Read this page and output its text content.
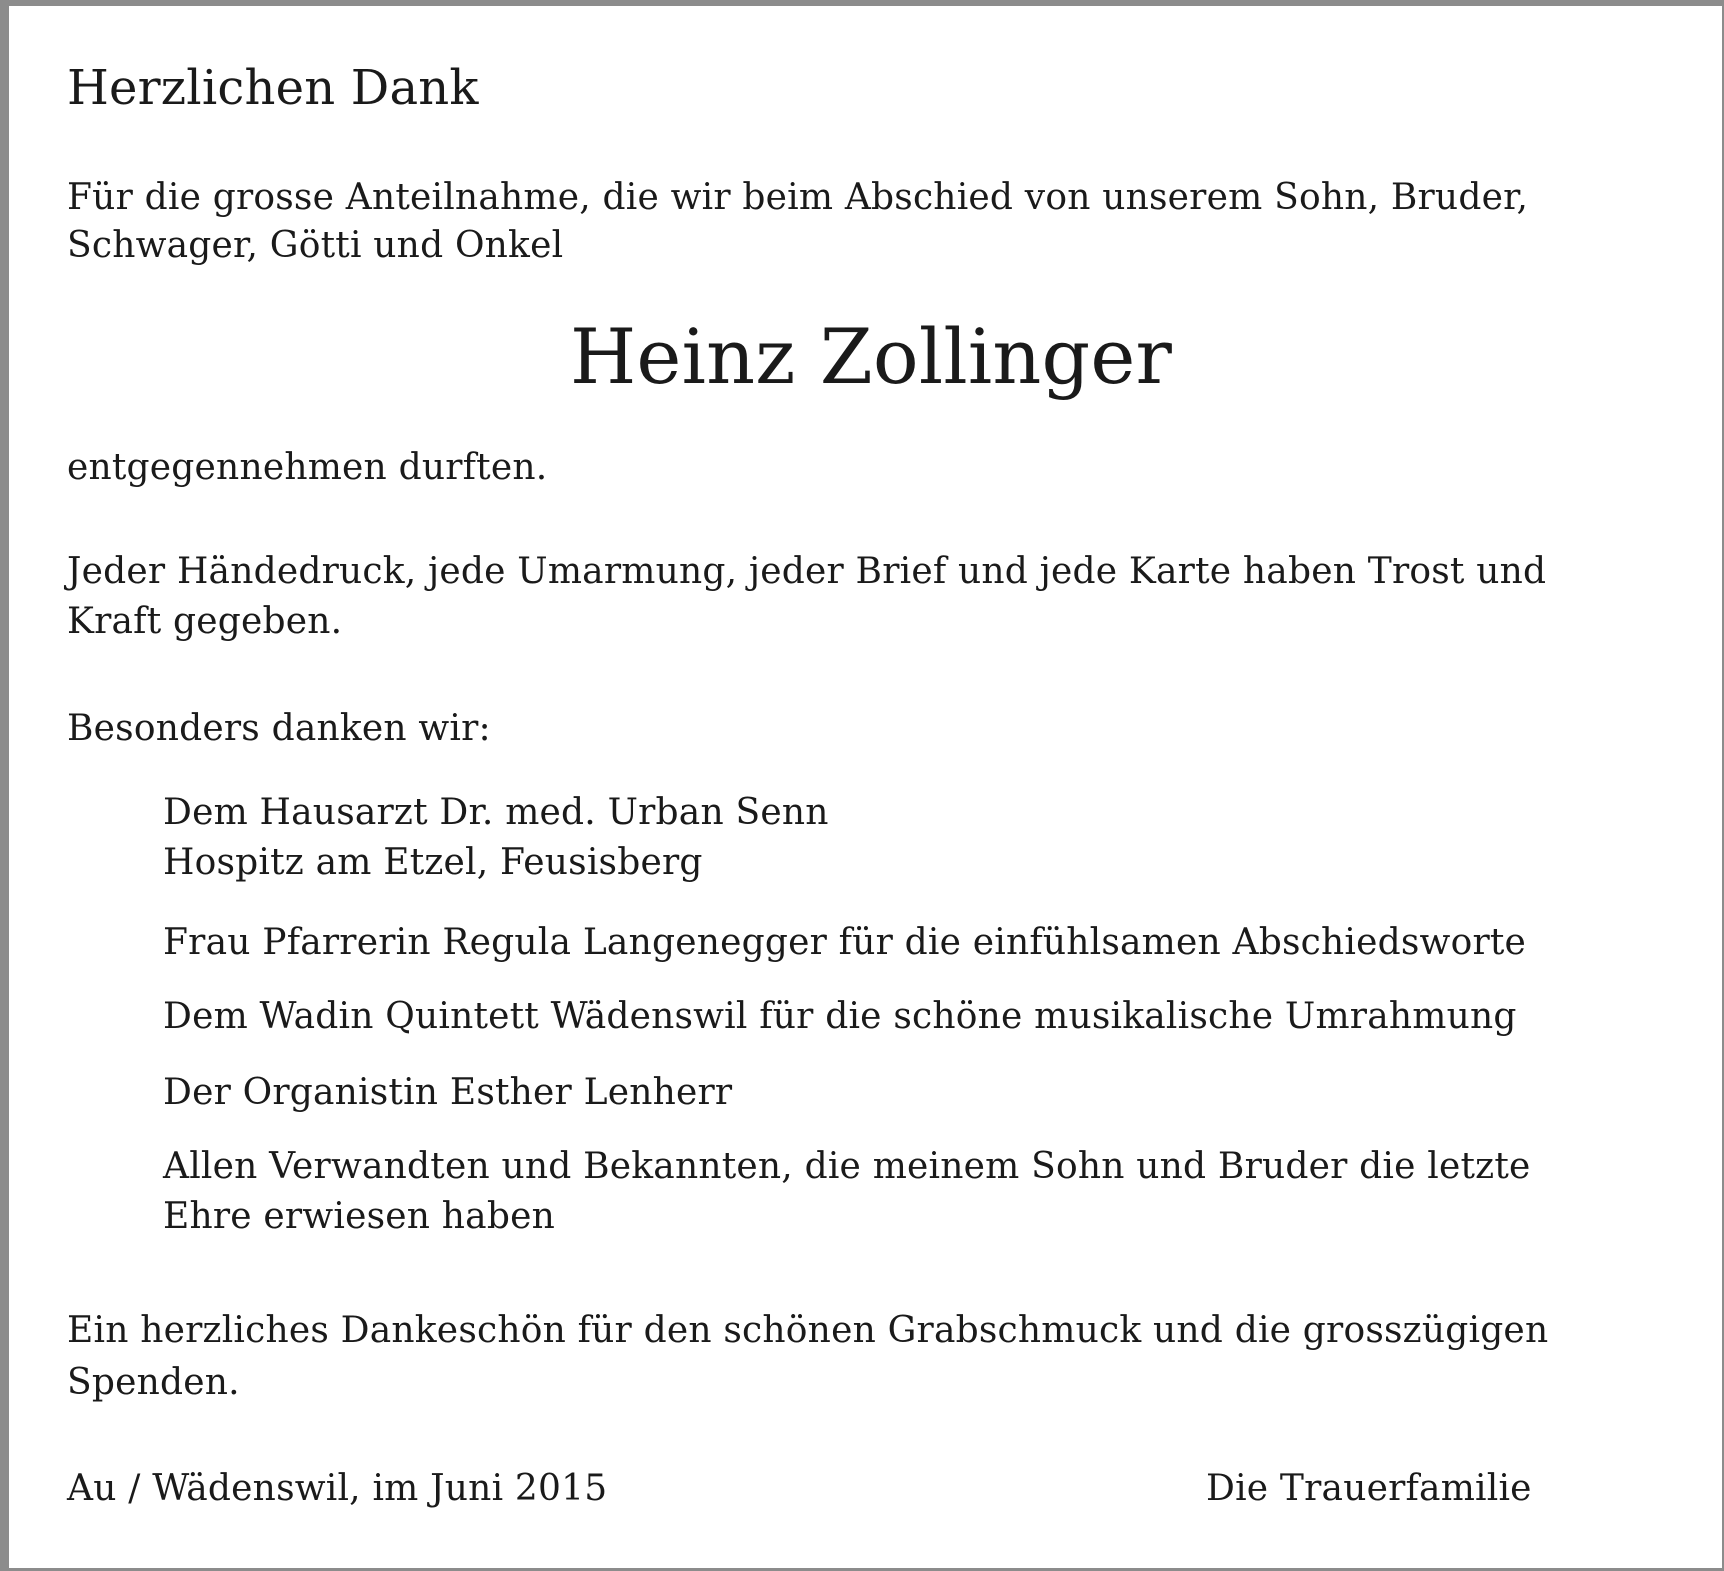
Herzlichen Dank

Für die grosse Anteilnahme, die wir beim Abschied von unserem Sohn, Bruder,

Schwager, Götti und Onkel

Heinz Zollinger

entgegennehmen durften.

Jeder Händedruck, jede Umarmung, jeder Brief und jede Karte haben Trost und

Kraft gegeben.

Besonders danken wir:

Dem Hausarzt Dr. med. Urban Senn

Hospitz am Etzel, Feusisberg

Frau Pfarrerin Regula Langenegger für die einfühlsamen Abschiedsworte

Dem Wadin Quintett Wädenswil für die schöne musikalische Umrahmung

Der Organistin Esther Lenherr

Allen Verwandten und Bekannten, die meinem Sohn und Bruder die letzte

Ehre erwiesen haben

Ein herzliches Dankeschön für den schönen Grabschmuck und die grosszügigen

Spenden.

Au / Wädenswil, im Juni 2015	Die Trauerfamilie
